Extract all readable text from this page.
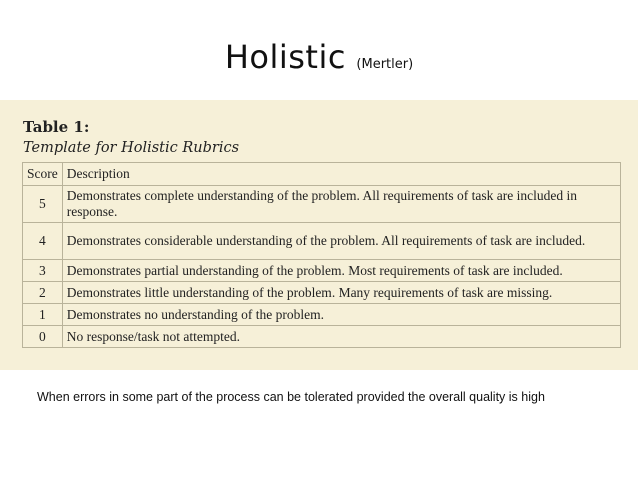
Holistic (Mertler)
Table 1:
Template for Holistic Rubrics
Score	Description
5	Demonstrates complete understanding of the problem. All requirements of task are included in response.
4	Demonstrates considerable understanding of the problem. All requirements of task are included.
3	Demonstrates partial understanding of the problem. Most requirements of task are included.
2	Demonstrates little understanding of the problem. Many requirements of task are missing.
1	Demonstrates no understanding of the problem.
0	No response/task not attempted.
When errors in some part of the process can be tolerated provided the overall quality is high
